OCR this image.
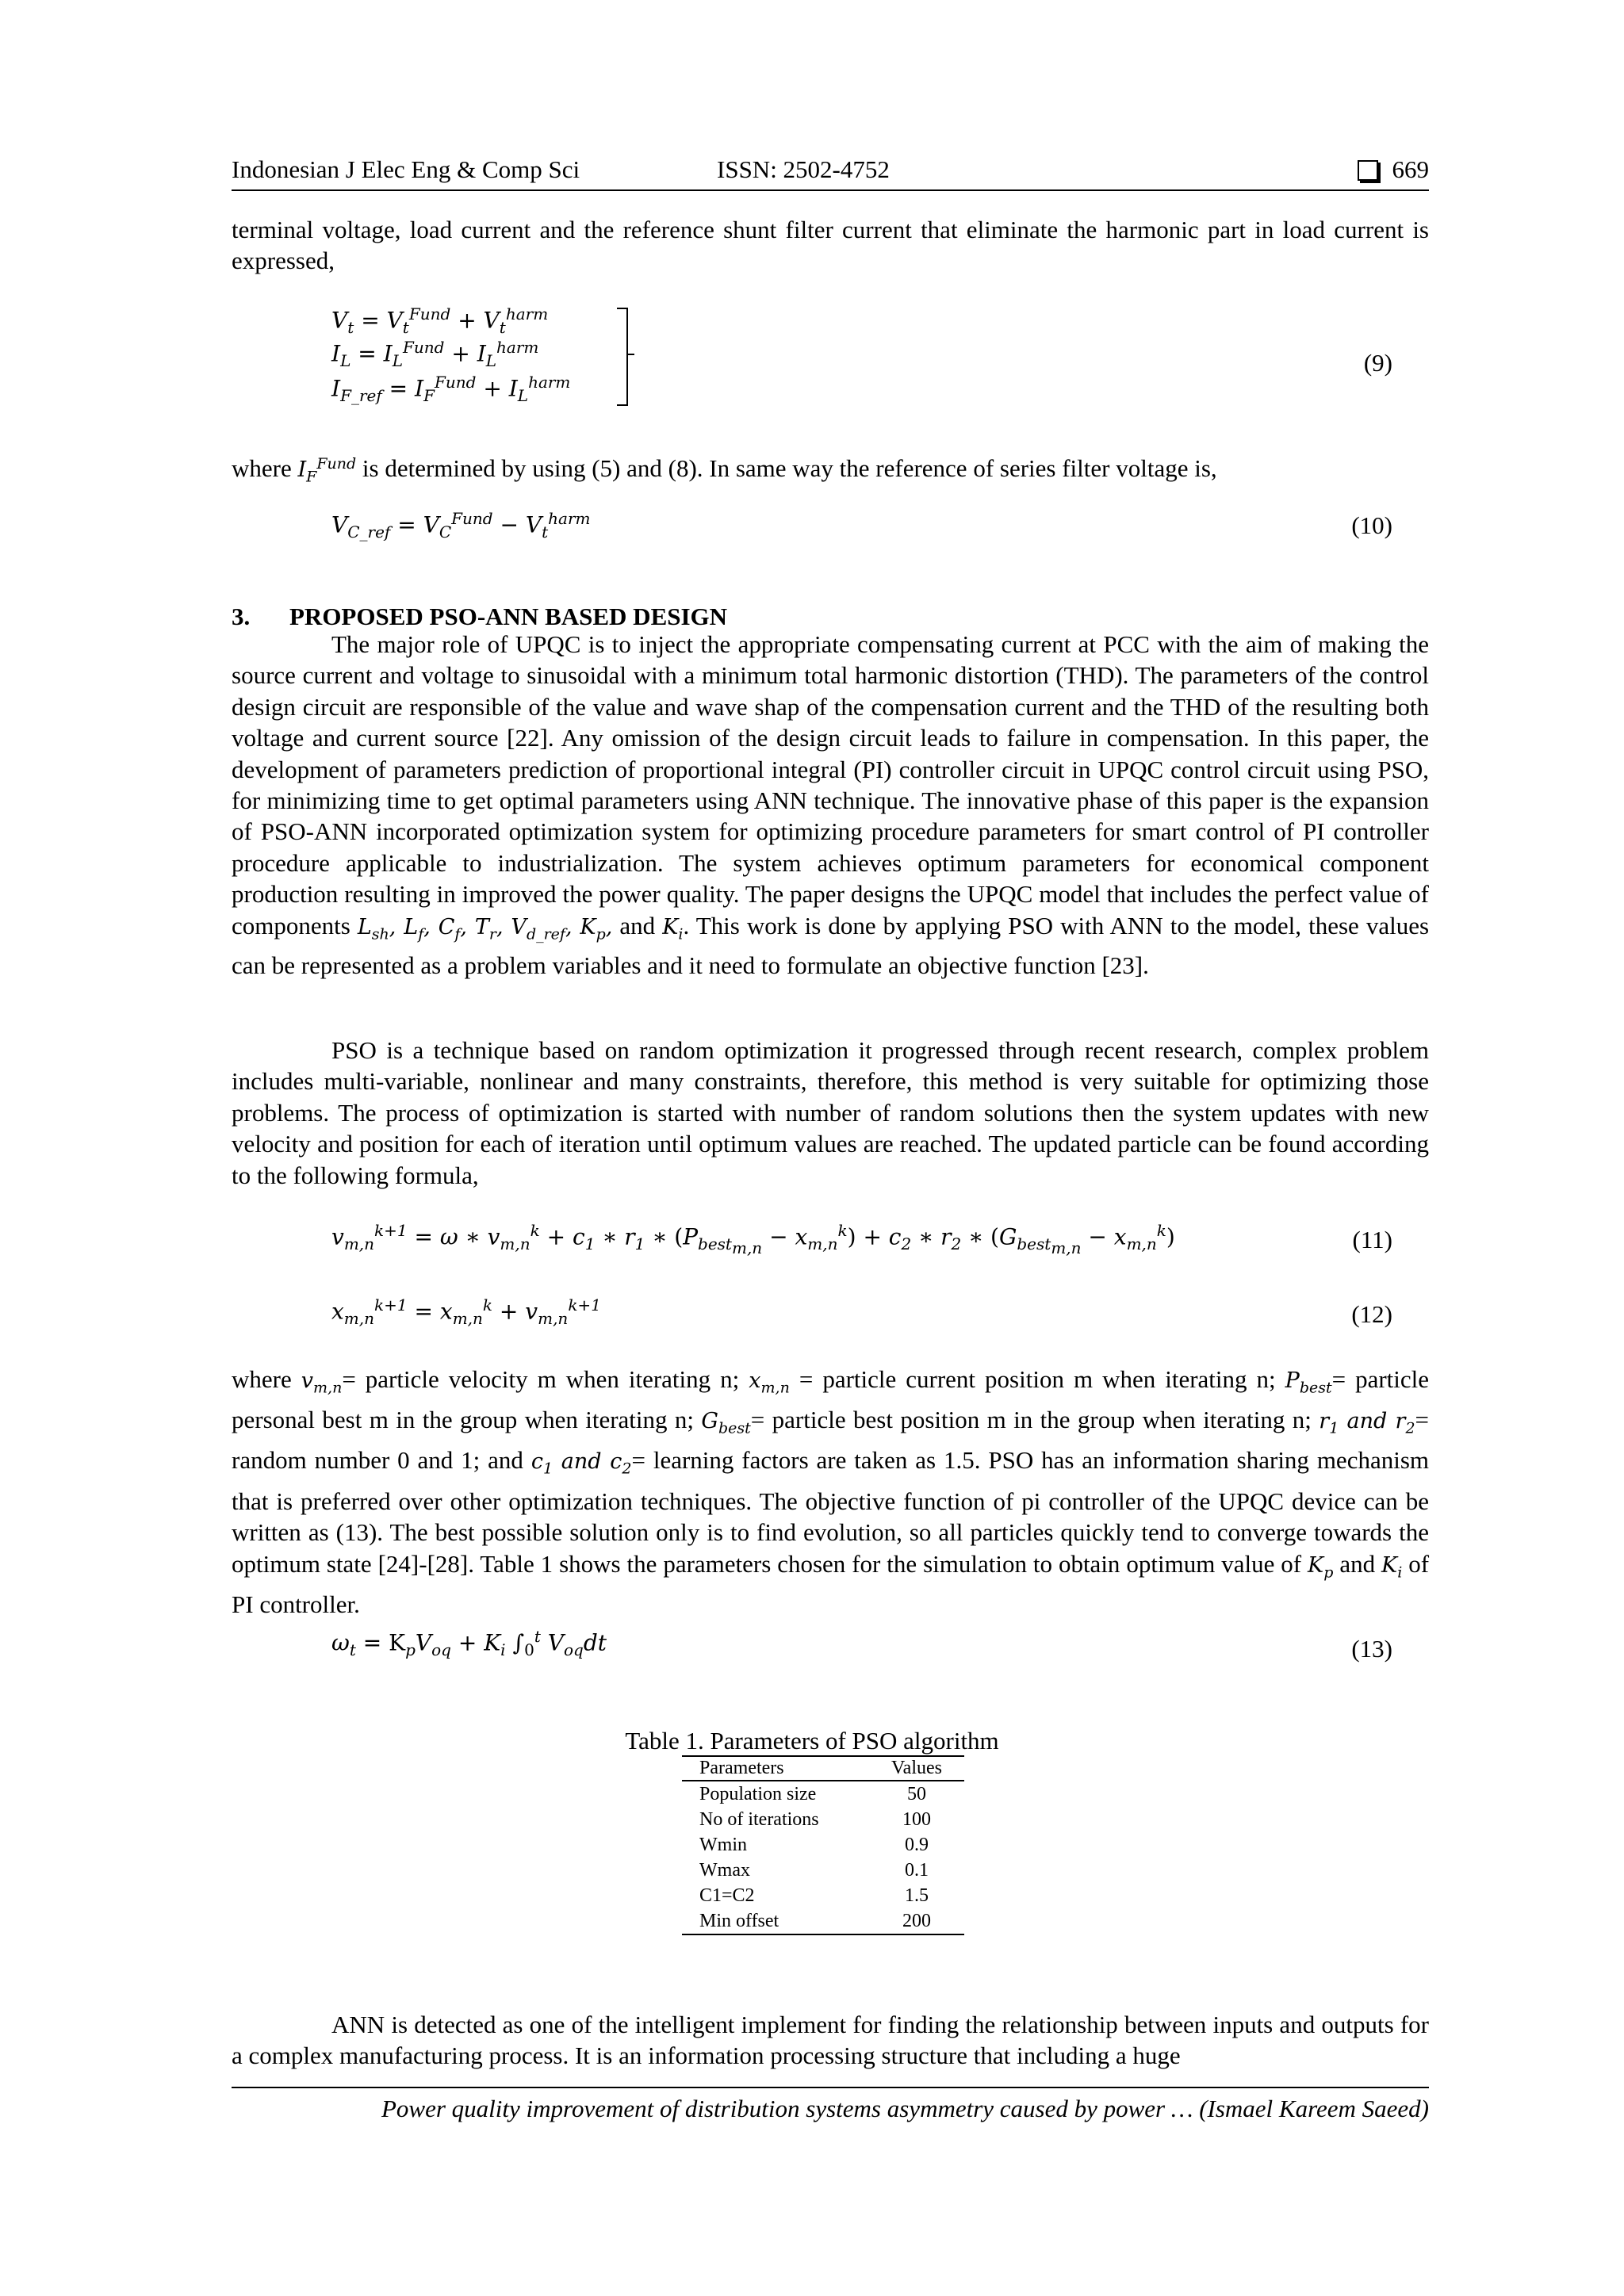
Indonesian J Elec Eng & Comp Sci	ISSN: 2502-4752	669
terminal voltage, load current and the reference shunt filter current that eliminate the harmonic part in load current is expressed,
$V_t = V_t^{Fund} + V_t^{harm}$
$I_L = I_L^{Fund} + I_L^{harm}$
$I_{F\_ref} = I_F^{Fund} + I_L^{harm}$
(9)
where $I_F^{Fund}$ is determined by using (5) and (8). In same way the reference of series filter voltage is,
$V_{C\_ref} = V_C^{Fund} - V_t^{harm}$	(10)
3. PROPOSED PSO-ANN BASED DESIGN
The major role of UPQC is to inject the appropriate compensating current at PCC with the aim of making the source current and voltage to sinusoidal with a minimum total harmonic distortion (THD). The parameters of the control design circuit are responsible of the value and wave shap of the compensation current and the THD of the resulting both voltage and current source [22]. Any omission of the design circuit leads to failure in compensation. In this paper, the development of parameters prediction of proportional integral (PI) controller circuit in UPQC control circuit using PSO, for minimizing time to get optimal parameters using ANN technique. The innovative phase of this paper is the expansion of PSO-ANN incorporated optimization system for optimizing procedure parameters for smart control of PI controller procedure applicable to industrialization. The system achieves optimum parameters for economical component production resulting in improved the power quality. The paper designs the UPQC model that includes the perfect value of components $L_{sh}$, $L_f$, $C_f$, $T_r$, $V_{d\_ref}$, $K_p$, and $K_i$. This work is done by applying PSO with ANN to the model, these values can be represented as a problem variables and it need to formulate an objective function [23].
PSO is a technique based on random optimization it progressed through recent research, complex problem includes multi-variable, nonlinear and many constraints, therefore, this method is very suitable for optimizing those problems. The process of optimization is started with number of random solutions then the system updates with new velocity and position for each of iteration until optimum values are reached. The updated particle can be found according to the following formula,
$v_{m,n}^{k+1} = \omega$ ∗ $v_{m,n}^k + c_1$ ∗ $r_1$ ∗ $(P_{best_{m,n}} - x_{m,n}^k) + c_2$ ∗ $r_2$ ∗ $(G_{best_{m,n}} - x_{m,n}^k)$	(11)
$x_{m,n}^{k+1} = x_{m,n}^k + v_{m,n}^{k+1}$	(12)
where $v_{m,n}=$ particle velocity m when iterating n; $x_{m,n}$ = particle current position m when iterating n; $P_{best}=$ particle personal best m in the group when iterating n; $G_{best}=$ particle best position m in the group when iterating n; $r_1$ and $r_2=$ random number 0 and 1; and $c_1$ and $c_2=$ learning factors are taken as 1.5. PSO has an information sharing mechanism that is preferred over other optimization techniques. The objective function of pi controller of the UPQC device can be written as (13). The best possible solution only is to find evolution, so all particles quickly tend to converge towards the optimum state [24]-[28]. Table 1 shows the parameters chosen for the simulation to obtain optimum value of $K_p$ and $K_i$ of PI controller.
$\omega_t = K_pV_{oq} + K_i$ $\int_0^t$ $V_{oq}dt$	(13)
Table 1. Parameters of PSO algorithm
Parameters	Values
Population size	50
No of iterations	100
Wmin	0.9
Wmax	0.1
C1=C2	1.5
Min offset	200
ANN is detected as one of the intelligent implement for finding the relationship between inputs and outputs for a complex manufacturing process. It is an information processing structure that including a huge
Power quality improvement of distribution systems asymmetry caused by power … (Ismael Kareem Saeed)
